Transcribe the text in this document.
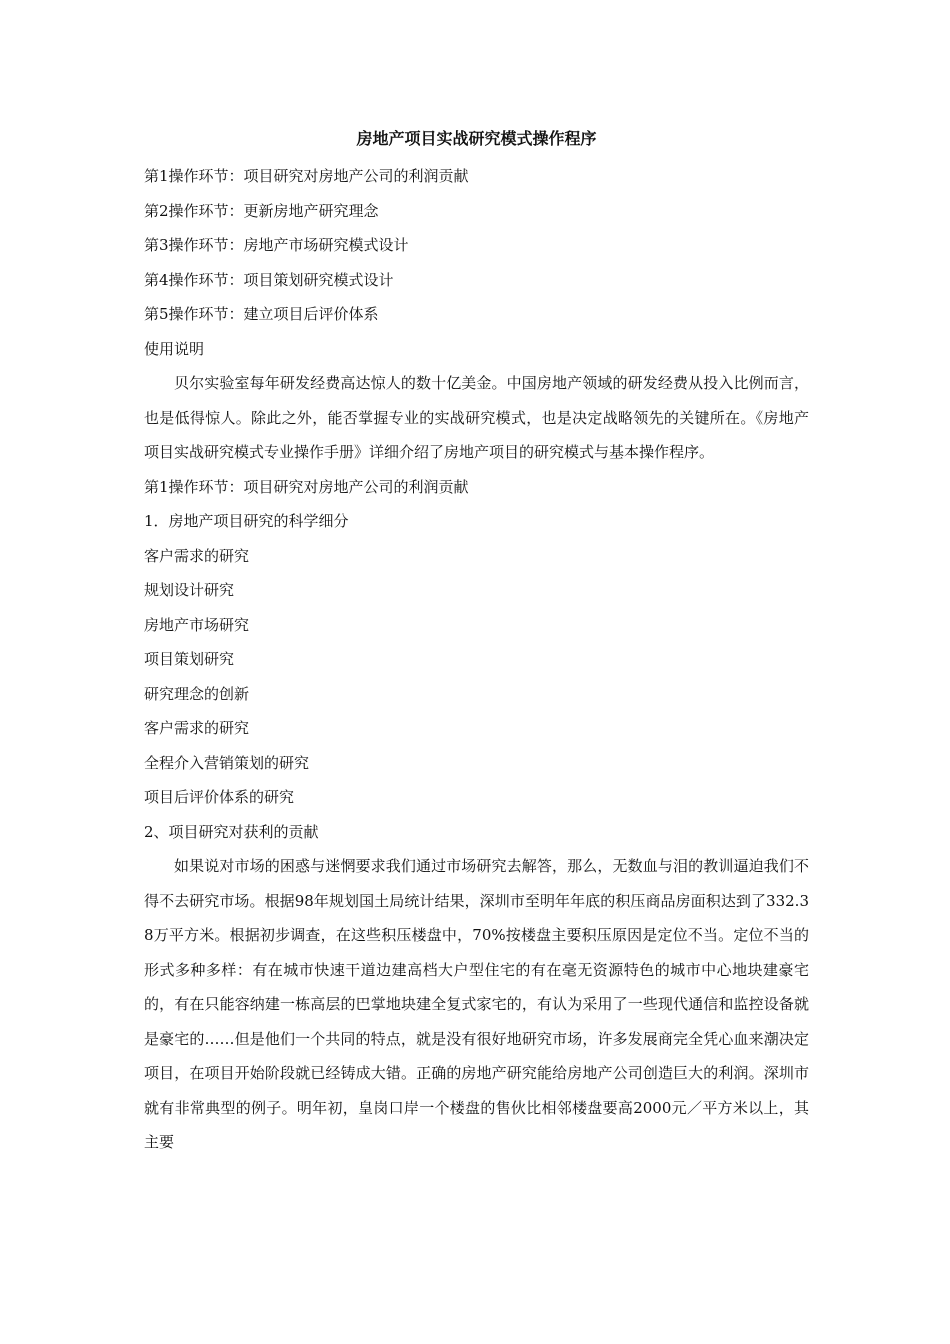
房地产项目实战研究模式操作程序

第1操作环节：项目研究对房地产公司的利润贡献

第2操作环节：更新房地产研究理念

第3操作环节：房地产市场研究模式设计

第4操作环节：项目策划研究模式设计

第5操作环节：建立项目后评价体系

使用说明

贝尔实验室每年研发经费高达惊人的数十亿美金。中国房地产领域的研发经费从投入比例而言，也是低得惊人。除此之外，能否掌握专业的实战研究模式，也是决定战略领先的关键所在。《房地产项目实战研究模式专业操作手册》详细介绍了房地产项目的研究模式与基本操作程序。

第1操作环节：项目研究对房地产公司的利润贡献

1．房地产项目研究的科学细分

客户需求的研究

规划设计研究

房地产市场研究

项目策划研究

研究理念的创新

客户需求的研究

全程介入营销策划的研究

项目后评价体系的研究

2、项目研究对获利的贡献

如果说对市场的困惑与迷惘要求我们通过市场研究去解答，那么，无数血与泪的教训逼迫我们不得不去研究市场。根据98年规划国土局统计结果，深圳市至明年年底的积压商品房面积达到了332.38万平方米。根据初步调查，在这些积压楼盘中，70%按楼盘主要积压原因是定位不当。定位不当的形式多种多样：有在城市快速干道边建高档大户型住宅的有在毫无资源特色的城市中心地块建豪宅的，有在只能容纳建一栋高层的巴掌地块建全复式家宅的，有认为采用了一些现代通信和监控设备就是豪宅的……但是他们一个共同的特点，就是没有很好地研究市场，许多发展商完全凭心血来潮决定项目，在项目开始阶段就已经铸成大错。正确的房地产研究能给房地产公司创造巨大的利润。深圳市就有非常典型的例子。明年初，皇岗口岸一个楼盘的售伙比相邻楼盘要高2000元／平方米以上，其主要
